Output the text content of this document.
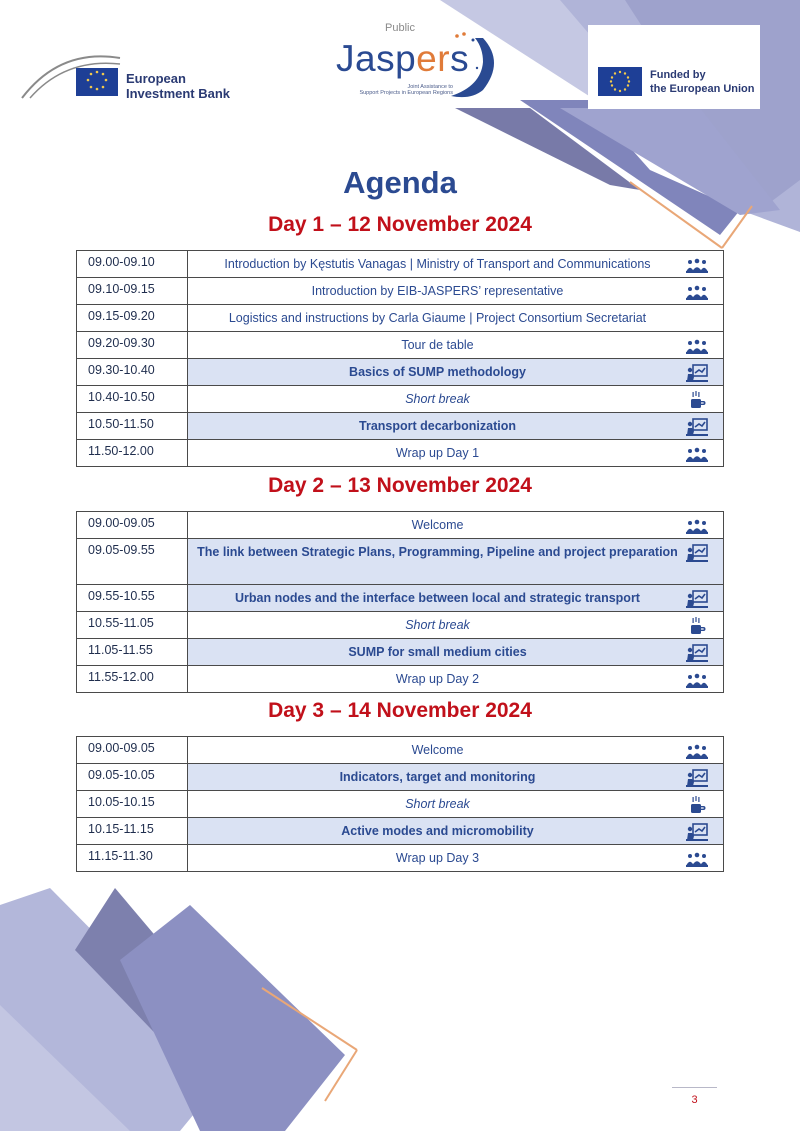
Public
European
Investment Bank
Jaspers
Joint Assistance to
Support Projects in European Regions
Funded by
the European Union
Agenda
Day 1 – 12 November 2024
09.00-09.10	Introduction by Kęstutis Vanagas | Ministry of Transport and Communications

09.10-09.15	Introduction by EIB-JASPERS’ representative

09.15-09.20	Logistics and instructions by Carla Giaume | Project Consortium Secretariat
09.20-09.30	Tour de table

09.30-10.40	Basics of SUMP methodology

10.40-10.50	Short break

10.50-11.50	Transport decarbonization

11.50-12.00	Wrap up Day 1
Day 2 – 13 November 2024
09.00-09.05	Welcome

09.05-09.55	The link between Strategic Plans, Programming, Pipeline and project preparation

09.55-10.55	Urban nodes and the interface between local and strategic transport

10.55-11.05	Short break

11.05-11.55	SUMP for small medium cities

11.55-12.00	Wrap up Day 2
Day 3 – 14 November 2024
09.00-09.05	Welcome

09.05-10.05	Indicators, target and monitoring

10.05-10.15	Short break

10.15-11.15	Active modes and micromobility

11.15-11.30	Wrap up Day 3
3
